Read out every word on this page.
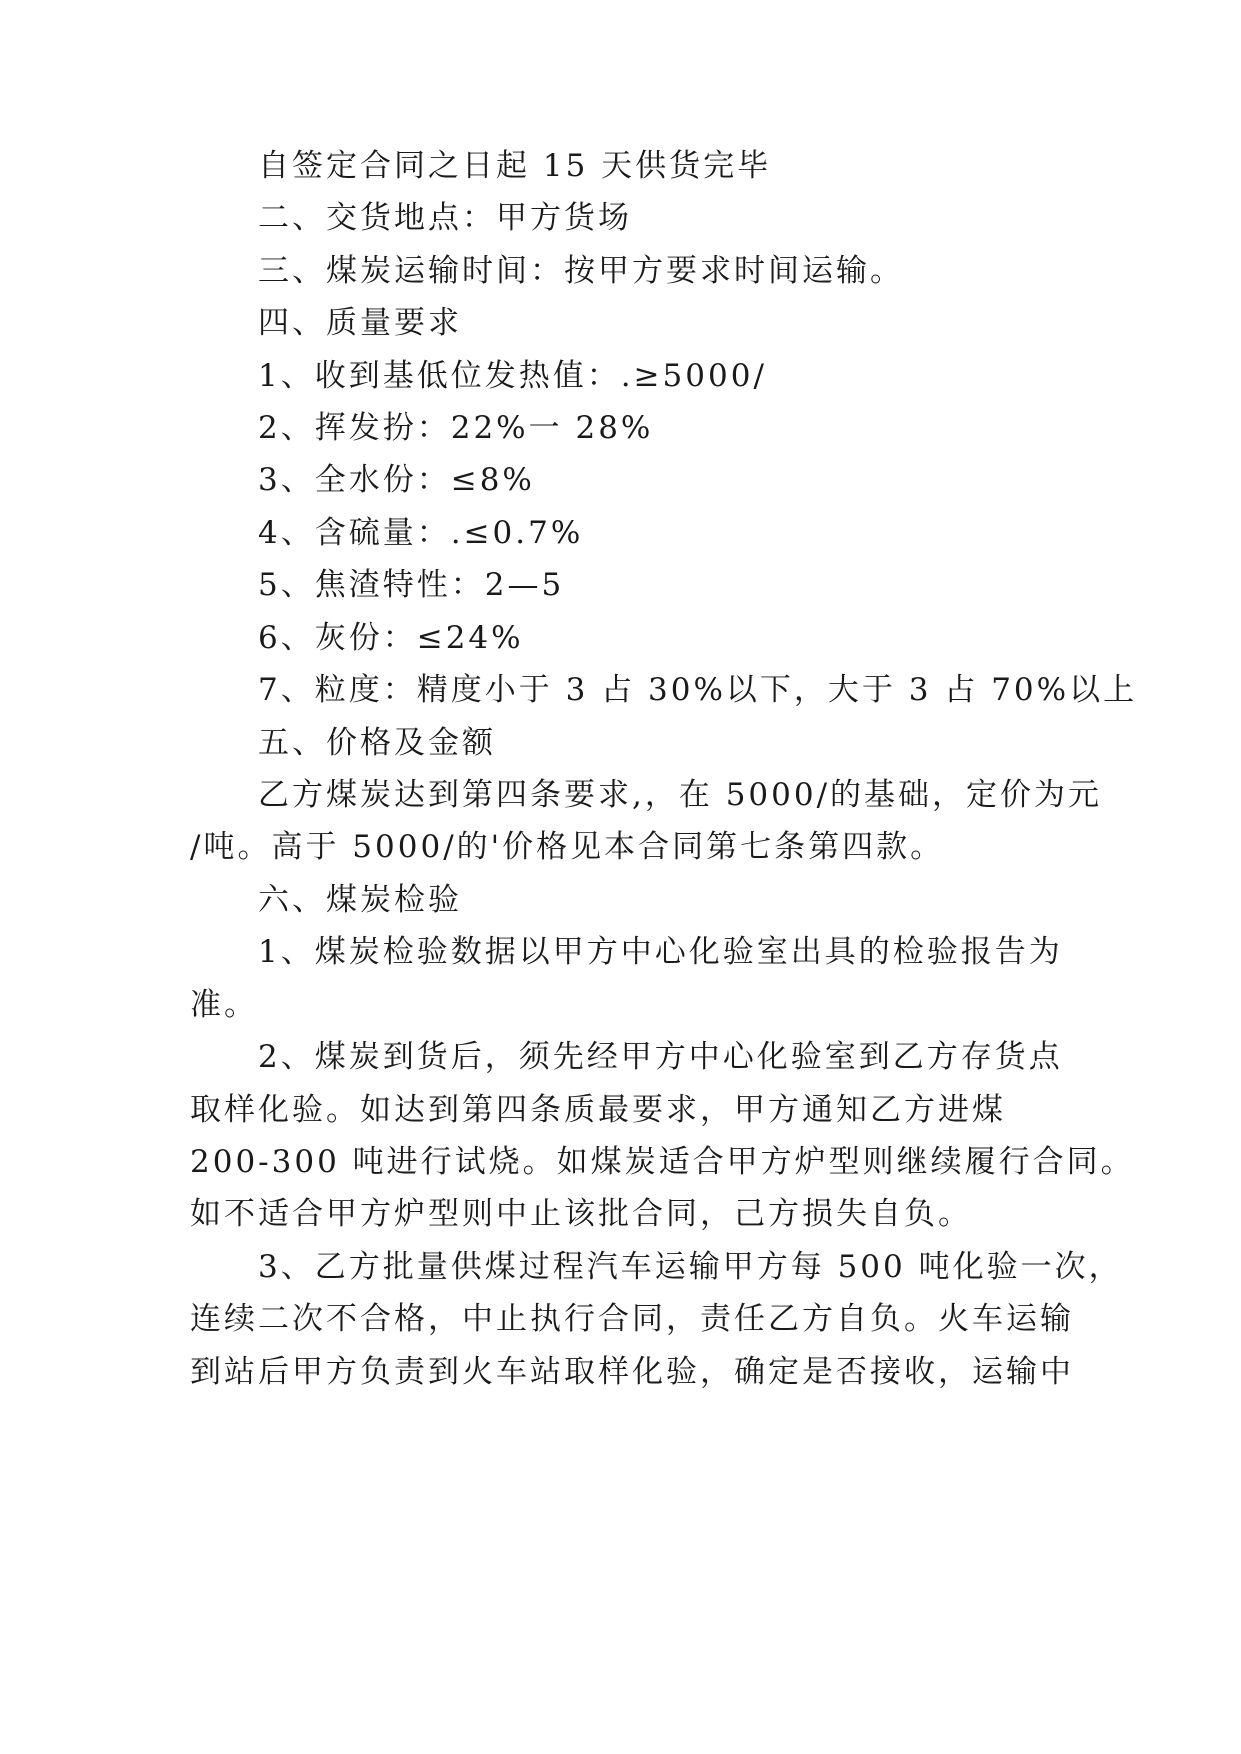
自签定合同之日起 15 天供货完毕

二、交货地点：甲方货场

三、煤炭运输时间：按甲方要求时间运输。

四、质量要求

1、收到基低位发热值：.≥5000/

2、挥发扮：22%一 28%

3、全水份：≤8%

4、含硫量：.≤0.7%

5、焦渣特性：2—5

6、灰份：≤24%

7、粒度：精度小于 3 占 30%以下，大于 3 占 70%以上

五、价格及金额

乙方煤炭达到第四条要求,，在 5000/的基础，定价为元

/吨。高于 5000/的'价格见本合同第七条第四款。

六、煤炭检验

1、煤炭检验数据以甲方中心化验室出具的检验报告为

准。

2、煤炭到货后，须先经甲方中心化验室到乙方存货点

取样化验。如达到第四条质最要求，甲方通知乙方进煤

200-300 吨进行试烧。如煤炭适合甲方炉型则继续履行合同。

如不适合甲方炉型则中止该批合同，己方损失自负。

3、乙方批量供煤过程汽车运输甲方每 500 吨化验一次，

连续二次不合格，中止执行合同，责任乙方自负。火车运输

到站后甲方负责到火车站取样化验，确定是否接收，运输中
